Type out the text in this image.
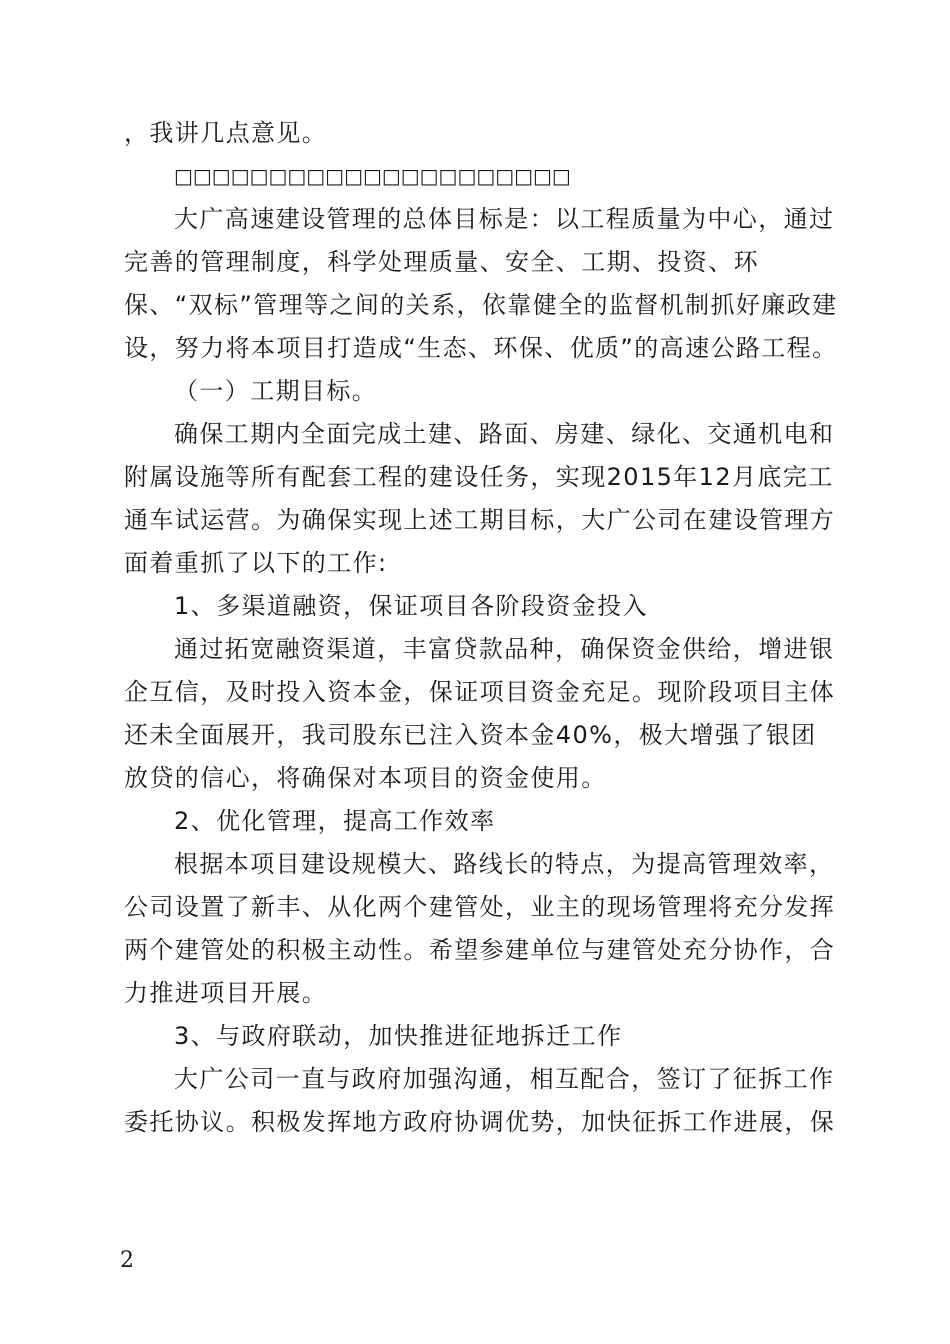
，我讲几点意见。

□□□□□□□□□□□□□□□□□□□□□

大广高速建设管理的总体目标是：以工程质量为中心，通过完善的管理制度，科学处理质量、安全、工期、投资、环保、“双标”管理等之间的关系，依靠健全的监督机制抓好廉政建设，努力将本项目打造成“生态、环保、优质”的高速公路工程。

（一）工期目标。

确保工期内全面完成土建、路面、房建、绿化、交通机电和附属设施等所有配套工程的建设任务，实现2015年12月底完工通车试运营。为确保实现上述工期目标，大广公司在建设管理方面着重抓了以下的工作:

1、多渠道融资，保证项目各阶段资金投入

通过拓宽融资渠道，丰富贷款品种，确保资金供给，增进银企互信，及时投入资本金，保证项目资金充足。现阶段项目主体还未全面展开，我司股东已注入资本金40%，极大增强了银团放贷的信心，将确保对本项目的资金使用。

2、优化管理，提高工作效率

根据本项目建设规模大、路线长的特点，为提高管理效率，公司设置了新丰、从化两个建管处，业主的现场管理将充分发挥两个建管处的积极主动性。希望参建单位与建管处充分协作，合力推进项目开展。

3、与政府联动，加快推进征地拆迁工作

大广公司一直与政府加强沟通，相互配合，签订了征拆工作委托协议。积极发挥地方政府协调优势，加快征拆工作进展，保

2
